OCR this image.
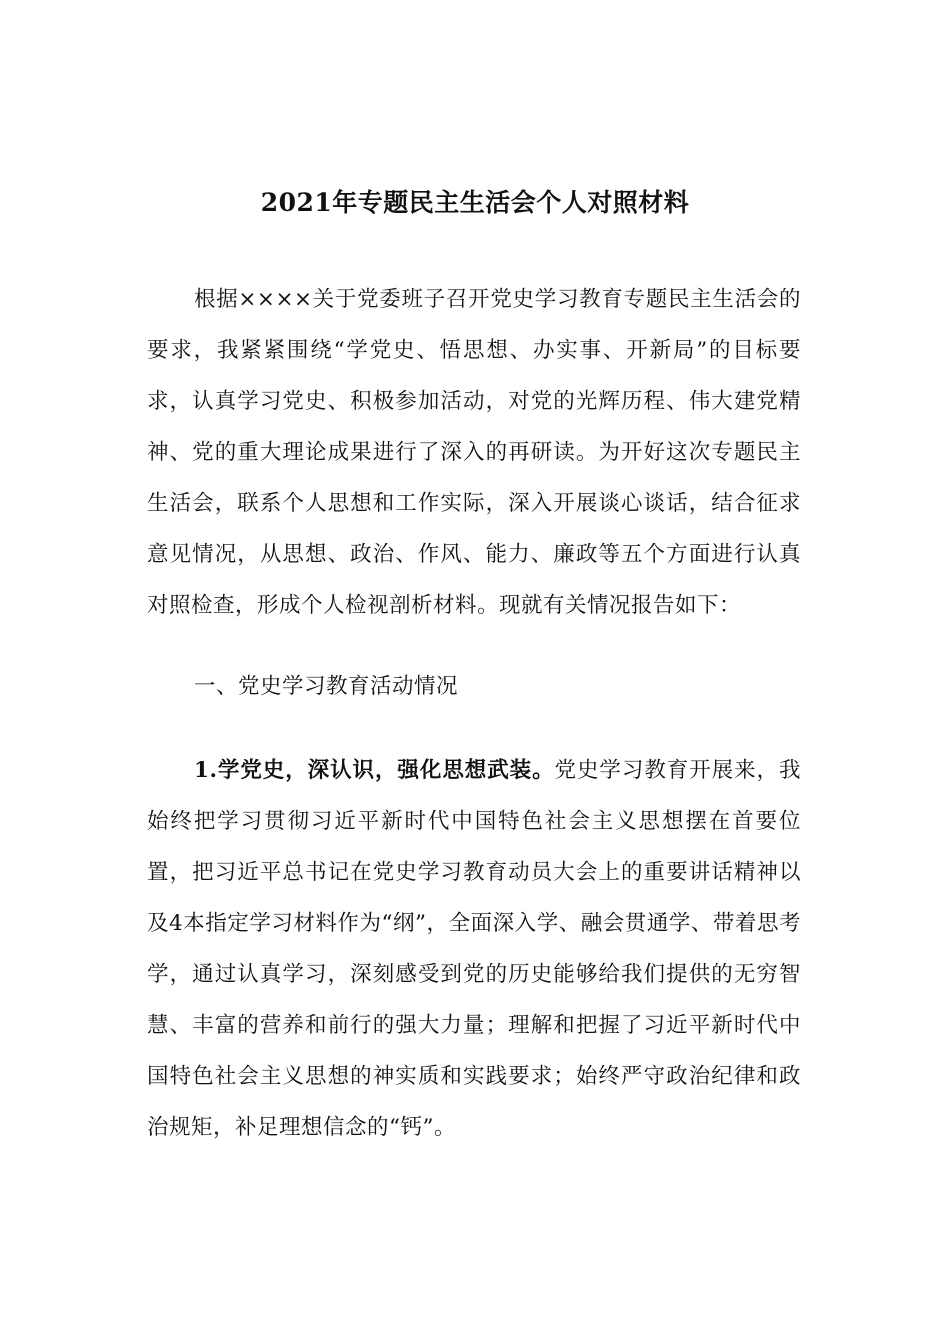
2021年专题民主生活会个人对照材料

根据××××关于党委班子召开党史学习教育专题民主生活会的要求，我紧紧围绕“学党史、悟思想、办实事、开新局”的目标要求，认真学习党史、积极参加活动，对党的光辉历程、伟大建党精神、党的重大理论成果进行了深入的再研读。为开好这次专题民主生活会，联系个人思想和工作实际，深入开展谈心谈话，结合征求意见情况，从思想、政治、作风、能力、廉政等五个方面进行认真对照检查，形成个人检视剖析材料。现就有关情况报告如下：

一、党史学习教育活动情况

1.学党史，深认识，强化思想武装。党史学习教育开展来，我始终把学习贯彻习近平新时代中国特色社会主义思想摆在首要位置，把习近平总书记在党史学习教育动员大会上的重要讲话精神以及4本指定学习材料作为“纲”，全面深入学、融会贯通学、带着思考学，通过认真学习，深刻感受到党的历史能够给我们提供的无穷智慧、丰富的营养和前行的强大力量；理解和把握了习近平新时代中国特色社会主义思想的神实质和实践要求；始终严守政治纪律和政治规矩，补足理想信念的“钙”。
